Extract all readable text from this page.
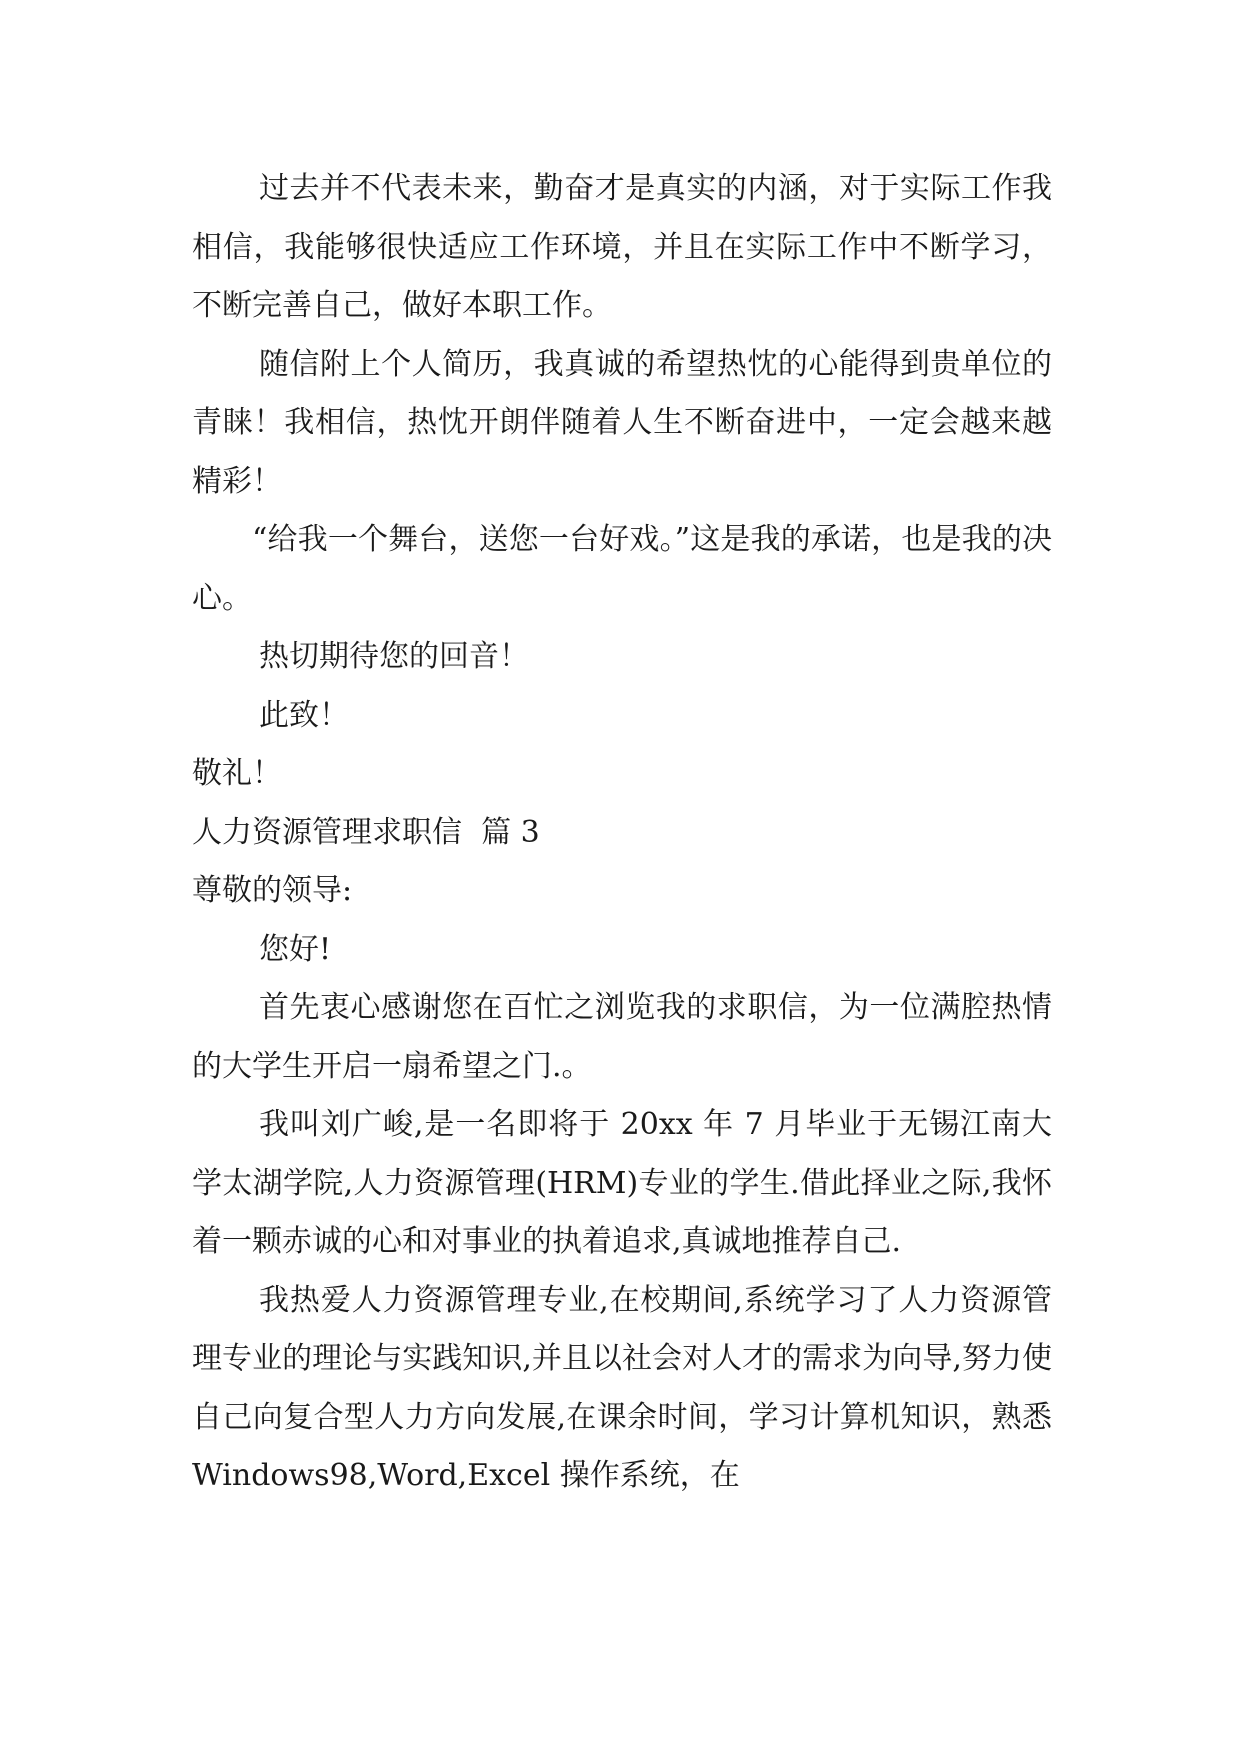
过去并不代表未来，勤奋才是真实的内涵，对于实际工作我相信，我能够很快适应工作环境，并且在实际工作中不断学习，不断完善自己，做好本职工作。

随信附上个人简历，我真诚的希望热忱的心能得到贵单位的青睐！我相信，热忱开朗伴随着人生不断奋进中，一定会越来越精彩！

“给我一个舞台，送您一台好戏。”这是我的承诺，也是我的决心。

热切期待您的回音！

此致！

敬礼！

人力资源管理求职信  篇 3

尊敬的领导:

您好!

首先衷心感谢您在百忙之浏览我的求职信，为一位满腔热情的大学生开启一扇希望之门.。

我叫刘广峻,是一名即将于 20xx 年 7 月毕业于无锡江南大学太湖学院,人力资源管理(HRM)专业的学生.借此择业之际,我怀着一颗赤诚的心和对事业的执着追求,真诚地推荐自己.

我热爱人力资源管理专业,在校期间,系统学习了人力资源管理专业的理论与实践知识,并且以社会对人才的需求为向导,努力使自己向复合型人力方向发展,在课余时间，学习计算机知识，熟悉 Windows98,Word,Excel 操作系统，在
